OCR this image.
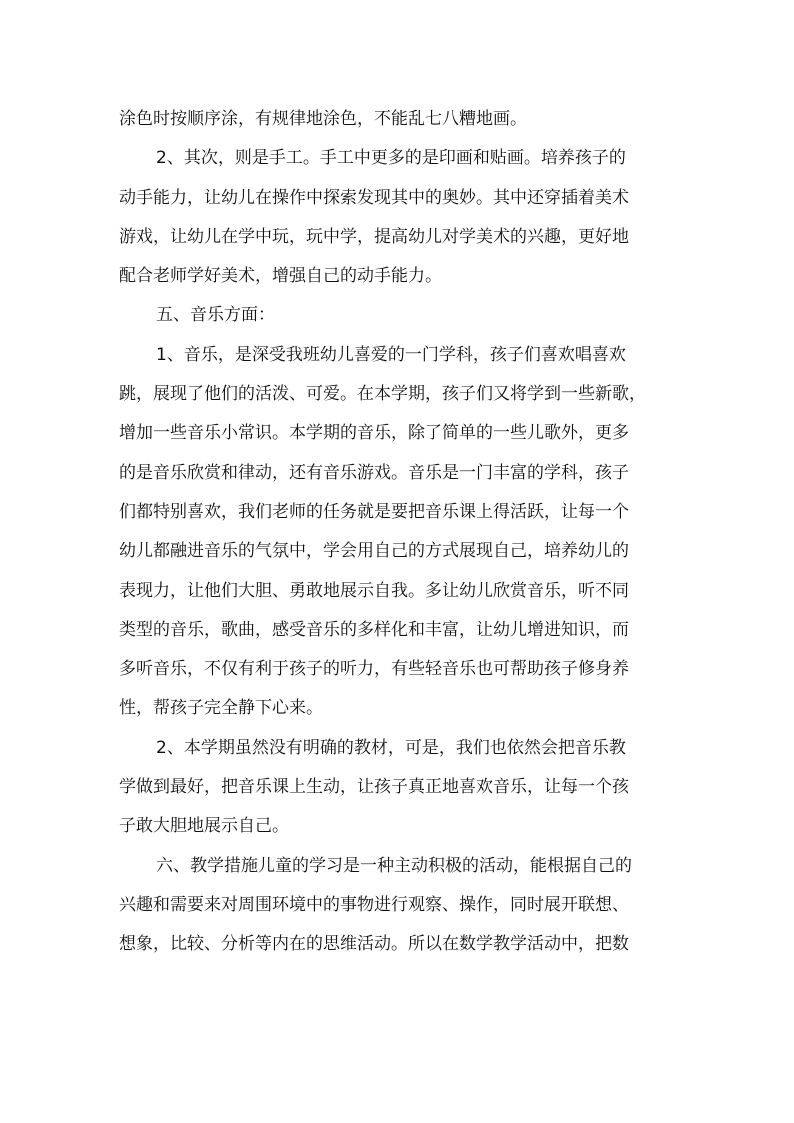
涂色时按顺序涂，有规律地涂色，不能乱七八糟地画。
2、其次，则是手工。手工中更多的是印画和贴画。培养孩子的
动手能力，让幼儿在操作中探索发现其中的奥妙。其中还穿插着美术
游戏，让幼儿在学中玩，玩中学，提高幼儿对学美术的兴趣，更好地
配合老师学好美术，增强自己的动手能力。
五、音乐方面：
1、音乐，是深受我班幼儿喜爱的一门学科，孩子们喜欢唱喜欢
跳，展现了他们的活泼、可爱。在本学期，孩子们又将学到一些新歌，
增加一些音乐小常识。本学期的音乐，除了简单的一些儿歌外，更多
的是音乐欣赏和律动，还有音乐游戏。音乐是一门丰富的学科，孩子
们都特别喜欢，我们老师的任务就是要把音乐课上得活跃，让每一个
幼儿都融进音乐的气氛中，学会用自己的方式展现自己，培养幼儿的
表现力，让他们大胆、勇敢地展示自我。多让幼儿欣赏音乐，听不同
类型的音乐，歌曲，感受音乐的多样化和丰富，让幼儿增进知识，而
多听音乐，不仅有利于孩子的听力，有些轻音乐也可帮助孩子修身养
性，帮孩子完全静下心来。
2、本学期虽然没有明确的教材，可是，我们也依然会把音乐教
学做到最好，把音乐课上生动，让孩子真正地喜欢音乐，让每一个孩
子敢大胆地展示自己。
六、教学措施儿童的学习是一种主动积极的活动，能根据自己的
兴趣和需要来对周围环境中的事物进行观察、操作，同时展开联想、
想象，比较、分析等内在的思维活动。所以在数学教学活动中，把数
